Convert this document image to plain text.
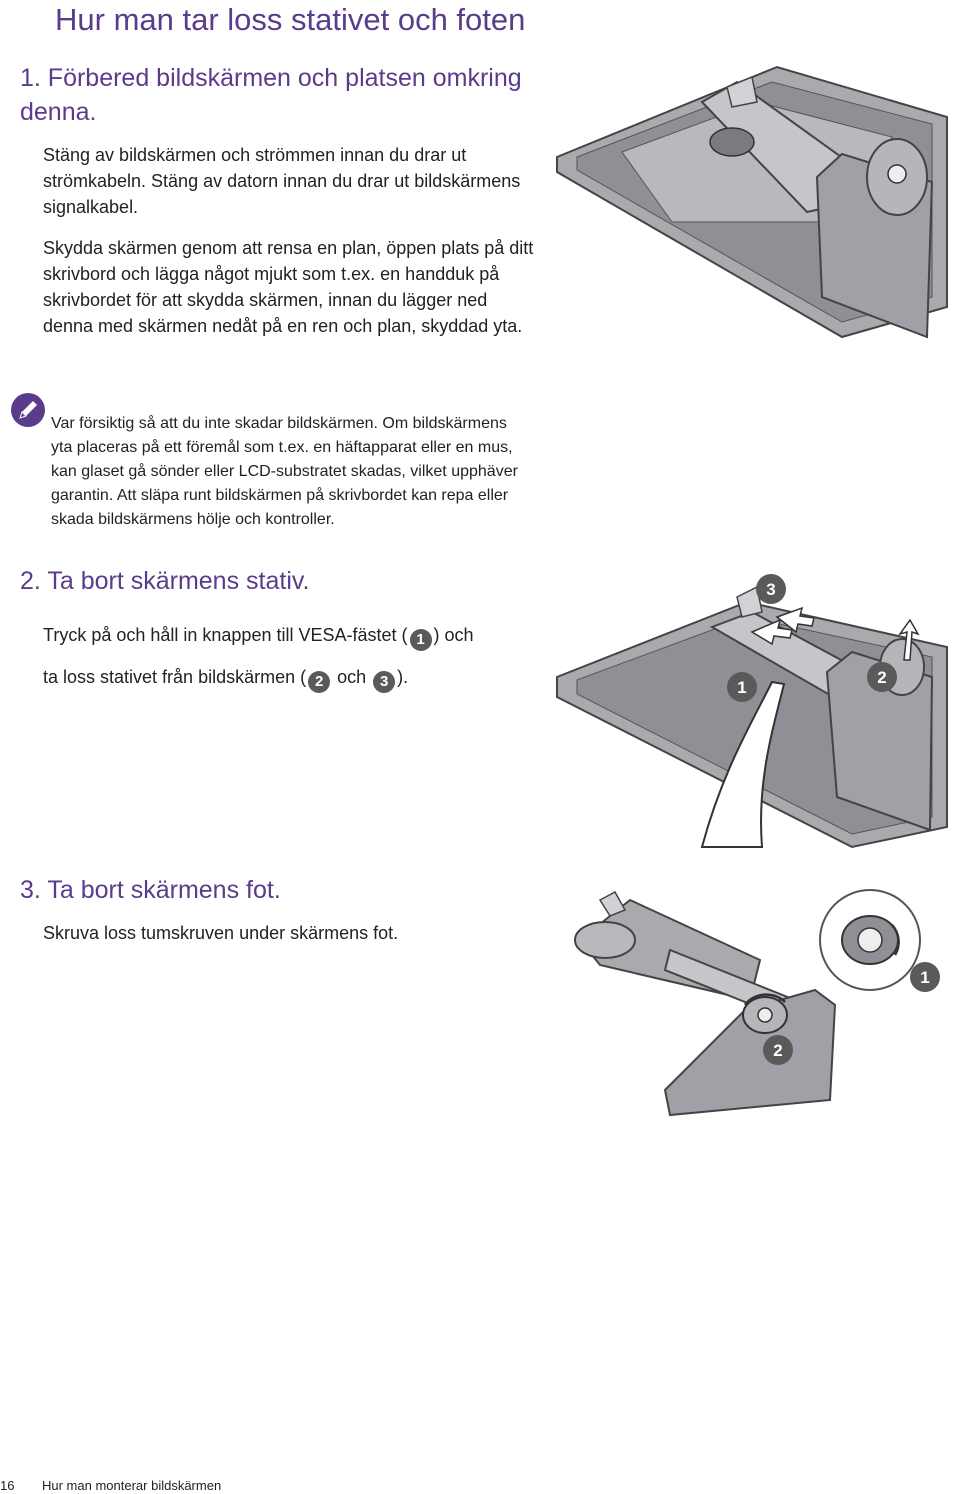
Hur man tar loss stativet och foten
1. Förbered bildskärmen och platsen omkring denna.
Stäng av bildskärmen och strömmen innan du drar ut strömkabeln. Stäng av datorn innan du drar ut bildskärmens signalkabel.
Skydda skärmen genom att rensa en plan, öppen plats på ditt skrivbord och lägga något mjukt som t.ex. en handduk på skrivbordet för att skydda skärmen, innan du lägger ned denna med skärmen nedåt på en ren och plan, skyddad yta.
Var försiktig så att du inte skadar bildskärmen. Om bildskärmens yta placeras på ett föremål som t.ex. en häftapparat eller en mus, kan glaset gå sönder eller LCD-substratet skadas, vilket upphäver garantin. Att släpa runt bildskärmen på skrivbordet kan repa eller skada bildskärmens hölje och kontroller.
2. Ta bort skärmens stativ.
Tryck på och håll in knappen till VESA-fästet ( 1 ) och
ta loss stativet från bildskärmen ( 2 och 3 ).
1
2
3
3. Ta bort skärmens fot.
Skruva loss tumskruven under skärmens fot.
1
2
16 Hur man monterar bildskärmen
